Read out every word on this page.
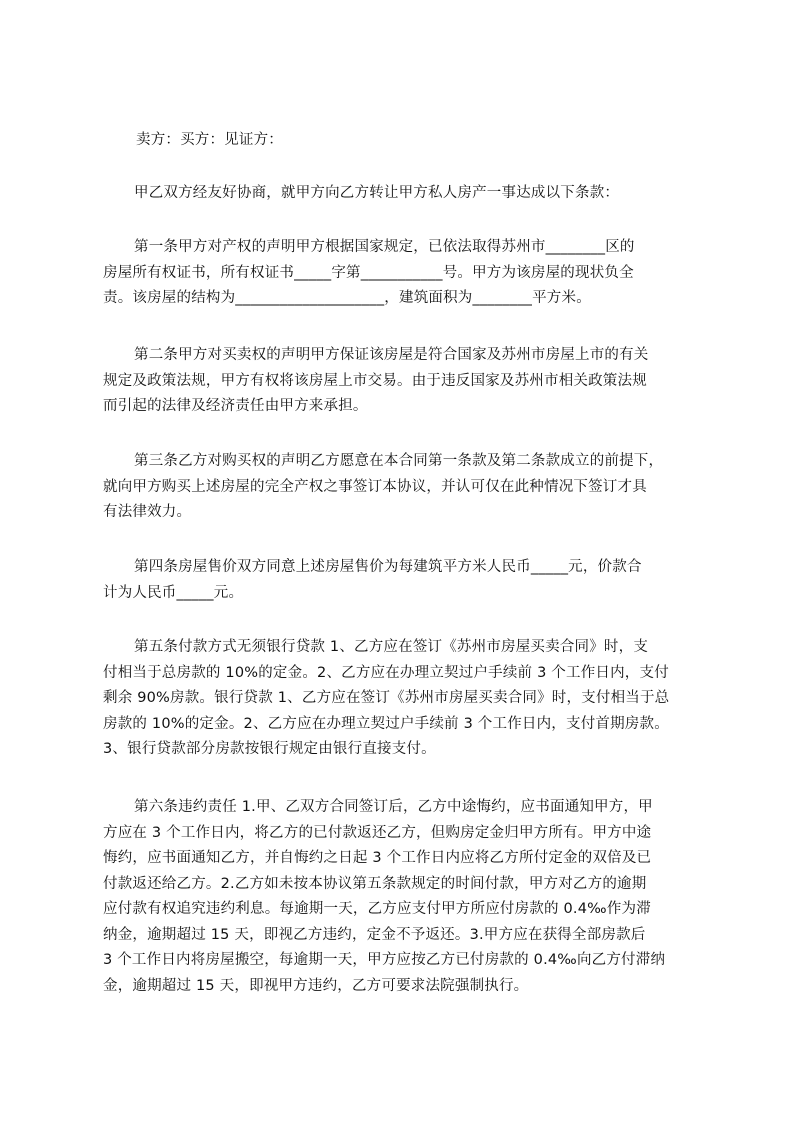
卖方：买方：见证方：
甲乙双方经友好协商，就甲方向乙方转让甲方私人房产一事达成以下条款：
第一条甲方对产权的声明甲方根据国家规定，已依法取得苏州市________区的
房屋所有权证书，所有权证书_____字第___________号。甲方为该房屋的现状负全
责。该房屋的结构为____________________，建筑面积为________平方米。
第二条甲方对买卖权的声明甲方保证该房屋是符合国家及苏州市房屋上市的有关
规定及政策法规，甲方有权将该房屋上市交易。由于违反国家及苏州市相关政策法规
而引起的法律及经济责任由甲方来承担。
第三条乙方对购买权的声明乙方愿意在本合同第一条款及第二条款成立的前提下，
就向甲方购买上述房屋的完全产权之事签订本协议，并认可仅在此种情况下签订才具
有法律效力。
第四条房屋售价双方同意上述房屋售价为每建筑平方米人民币_____元，价款合
计为人民币_____元。
第五条付款方式无须银行贷款 1、乙方应在签订《苏州市房屋买卖合同》时，支
付相当于总房款的 10%的定金。2、乙方应在办理立契过户手续前 3 个工作日内，支付
剩余 90%房款。银行贷款 1、乙方应在签订《苏州市房屋买卖合同》时，支付相当于总
房款的 10%的定金。2、乙方应在办理立契过户手续前 3 个工作日内，支付首期房款。
3、银行贷款部分房款按银行规定由银行直接支付。
第六条违约责任 1.甲、乙双方合同签订后，乙方中途悔约，应书面通知甲方，甲
方应在 3 个工作日内，将乙方的已付款返还乙方，但购房定金归甲方所有。甲方中途
悔约，应书面通知乙方，并自悔约之日起 3 个工作日内应将乙方所付定金的双倍及已
付款返还给乙方。2.乙方如未按本协议第五条款规定的时间付款，甲方对乙方的逾期
应付款有权追究违约利息。每逾期一天，乙方应支付甲方所应付房款的 0.4‰作为滞
纳金，逾期超过 15 天，即视乙方违约，定金不予返还。3.甲方应在获得全部房款后
3 个工作日内将房屋搬空，每逾期一天，甲方应按乙方已付房款的 0.4‰向乙方付滞纳
金，逾期超过 15 天，即视甲方违约，乙方可要求法院强制执行。
